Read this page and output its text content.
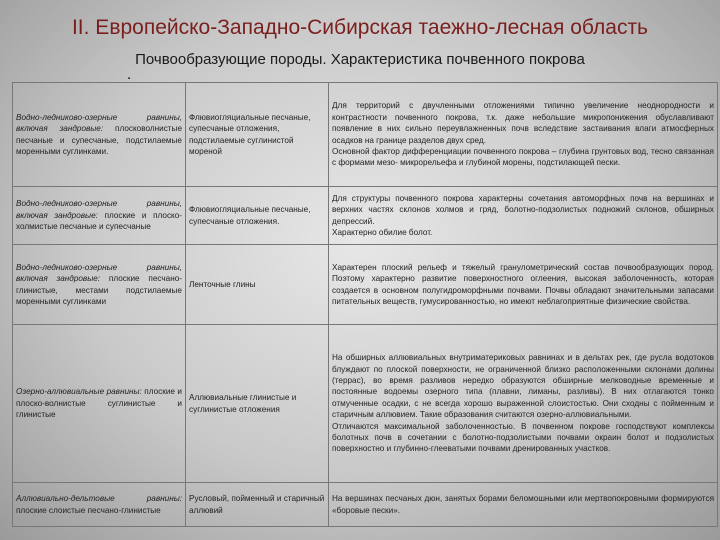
II. Европейско-Западно-Сибирская таежно-лесная область
Почвообразующие породы. Характеристика почвенного покрова
.
Водно-ледниково-озерные равнины, включая зандровые: плосковолнистые песчаные и супесчаные, подстилаемые моренными суглинками.	Флювиогляциальные песчаные, супесчаные отложения, подстилаемые суглинистой мореной	Для территорий с двучленными отложениями типично увеличение неоднородности и контрастности почвенного покрова, т.к. даже небольшие микропонижения обуславливают появление в них сильно переувлажненных почв вследствие застаивания влаги атмосферных осадков на границе разделов двух сред.
Основной фактор дифференциации почвенного покрова – глубина грунтовых вод, тесно связанная с формами мезо- микрорельефа и глубиной морены, подстилающей пески.

Водно-ледниково-озерные равнины, включая зандровые: плоские и плоско-холмистые песчаные и супесчаные	Флювиогляциальные песчаные, супесчаные отложения.	Для структуры почвенного покрова характерны сочетания автоморфных почв на вершинах и верхних частях склонов холмов и гряд, болотно-подзолистых подножий склонов, обширных депрессий.
Характерно обилие болот.

Водно-ледниково-озерные равнины, включая зандровые: плоские песчано-глинистые, местами подстилаемые моренными суглинками	Ленточные глины	Характерен плоский рельеф и тяжелый гранулометрический состав почвообразующих пород. Поэтому характерно развитие поверхностного оглеения, высокая заболоченность, которая создается в основном полугидроморфными почвами. Почвы обладают значительными запасами питательных веществ, гумусированностью, но имеют неблагоприятные физические свойства.

Озерно-аллювиальные равнины: плоские и плоско-волнистые суглинистые и глинистые	Аллювиальные глинистые и суглинистые отложения	На обширных аллювиальных внутриматериковых равнинах и в дельтах рек, где русла водотоков блуждают по плоской поверхности, не ограниченной близко расположенными склонами долины (террас), во время разливов нередко образуются обширные мелководные временные и постоянные водоемы озерного типа (плавни, лиманы, разливы). В них отлагаются тонко отмученные осадки, с не всегда хорошо выраженной слоистостью. Они сходны с пойменным и старичным аллювием. Такие образования считаются озерно-аллювиальными.
Отличаются максимальной заболоченностью. В почвенном покрове господствуют комплексы болотных почв в сочетании с болотно-подзолистыми почвами окраин болот и подзолистых поверхностно и глубинно-глееватыми почвами дренированных участков.

Аллювиально-дельтовые равнины: плоские слоистые песчано-глинистые	Русловый, пойменный и старичный аллювий	На вершинах песчаных дюн, занятых борами беломошными или мертвопокровными формируются «боровые пески».
